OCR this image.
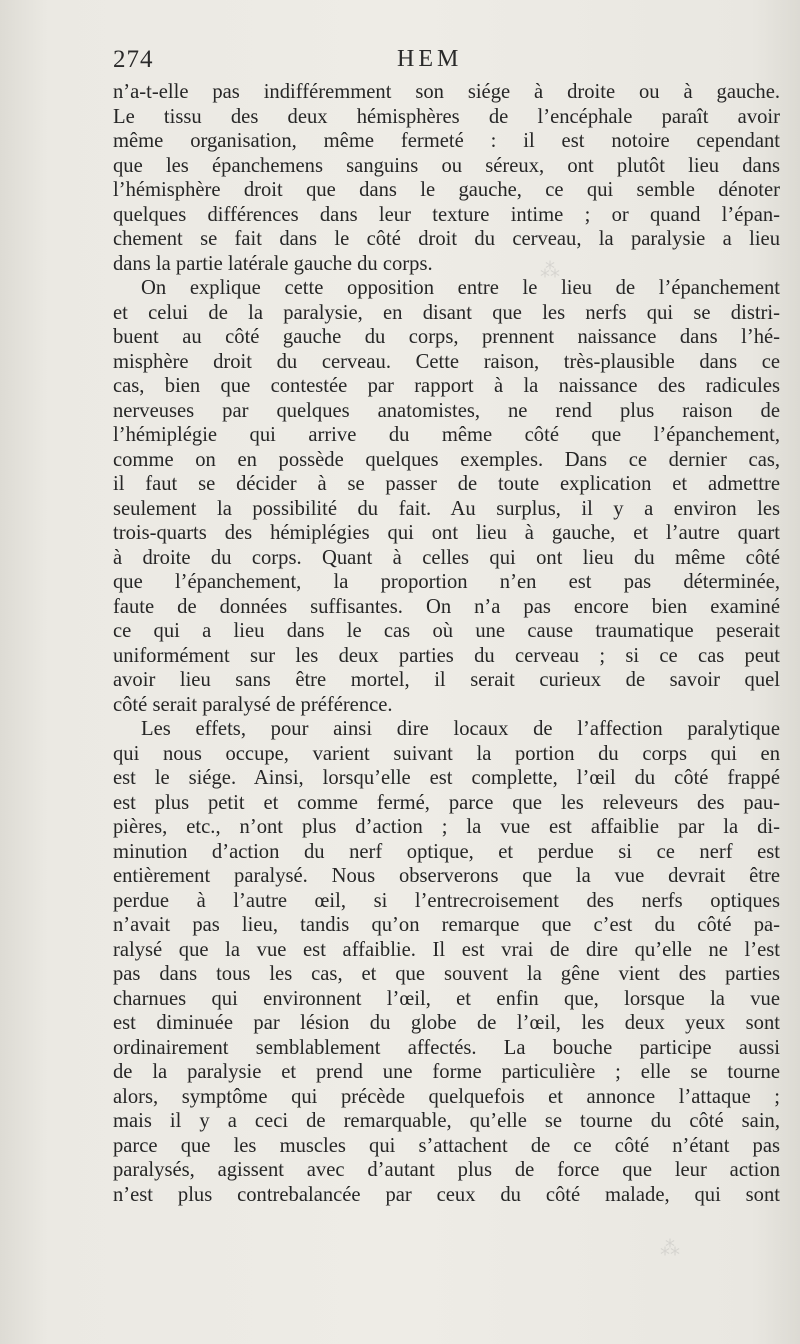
⁂
⁂
274	HEM
n’a-t-elle pas indifféremment son siége à droite ou à gauche.
Le tissu des deux hémisphères de l’encéphale paraît avoir
même organisation, même fermeté : il est notoire cependant
que les épanchemens sanguins ou séreux, ont plutôt lieu dans
l’hémisphère droit que dans le gauche, ce qui semble dénoter
quelques différences dans leur texture intime ; or quand l’épan-
chement se fait dans le côté droit du cerveau, la paralysie a lieu
dans la partie latérale gauche du corps.
On explique cette opposition entre le lieu de l’épanchement
et celui de la paralysie, en disant que les nerfs qui se distri-
buent au côté gauche du corps, prennent naissance dans l’hé-
misphère droit du cerveau. Cette raison, très-plausible dans ce
cas, bien que contestée par rapport à la naissance des radicules
nerveuses par quelques anatomistes, ne rend plus raison de
l’hémiplégie qui arrive du même côté que l’épanchement,
comme on en possède quelques exemples. Dans ce dernier cas,
il faut se décider à se passer de toute explication et admettre
seulement la possibilité du fait. Au surplus, il y a environ les
trois-quarts des hémiplégies qui ont lieu à gauche, et l’autre quart
à droite du corps. Quant à celles qui ont lieu du même côté
que l’épanchement, la proportion n’en est pas déterminée,
faute de données suffisantes. On n’a pas encore bien examiné
ce qui a lieu dans le cas où une cause traumatique peserait
uniformément sur les deux parties du cerveau ; si ce cas peut
avoir lieu sans être mortel, il serait curieux de savoir quel
côté serait paralysé de préférence.
Les effets, pour ainsi dire locaux de l’affection paralytique
qui nous occupe, varient suivant la portion du corps qui en
est le siége. Ainsi, lorsqu’elle est complette, l’œil du côté frappé
est plus petit et comme fermé, parce que les releveurs des pau-
pières, etc., n’ont plus d’action ; la vue est affaiblie par la di-
minution d’action du nerf optique, et perdue si ce nerf est
entièrement paralysé. Nous observerons que la vue devrait être
perdue à l’autre œil, si l’entrecroisement des nerfs optiques
n’avait pas lieu, tandis qu’on remarque que c’est du côté pa-
ralysé que la vue est affaiblie. Il est vrai de dire qu’elle ne l’est
pas dans tous les cas, et que souvent la gêne vient des parties
charnues qui environnent l’œil, et enfin que, lorsque la vue
est diminuée par lésion du globe de l’œil, les deux yeux sont
ordinairement semblablement affectés. La bouche participe aussi
de la paralysie et prend une forme particulière ; elle se tourne
alors, symptôme qui précède quelquefois et annonce l’attaque ;
mais il y a ceci de remarquable, qu’elle se tourne du côté sain,
parce que les muscles qui s’attachent de ce côté n’étant pas
paralysés, agissent avec d’autant plus de force que leur action
n’est plus contrebalancée par ceux du côté malade, qui sont
